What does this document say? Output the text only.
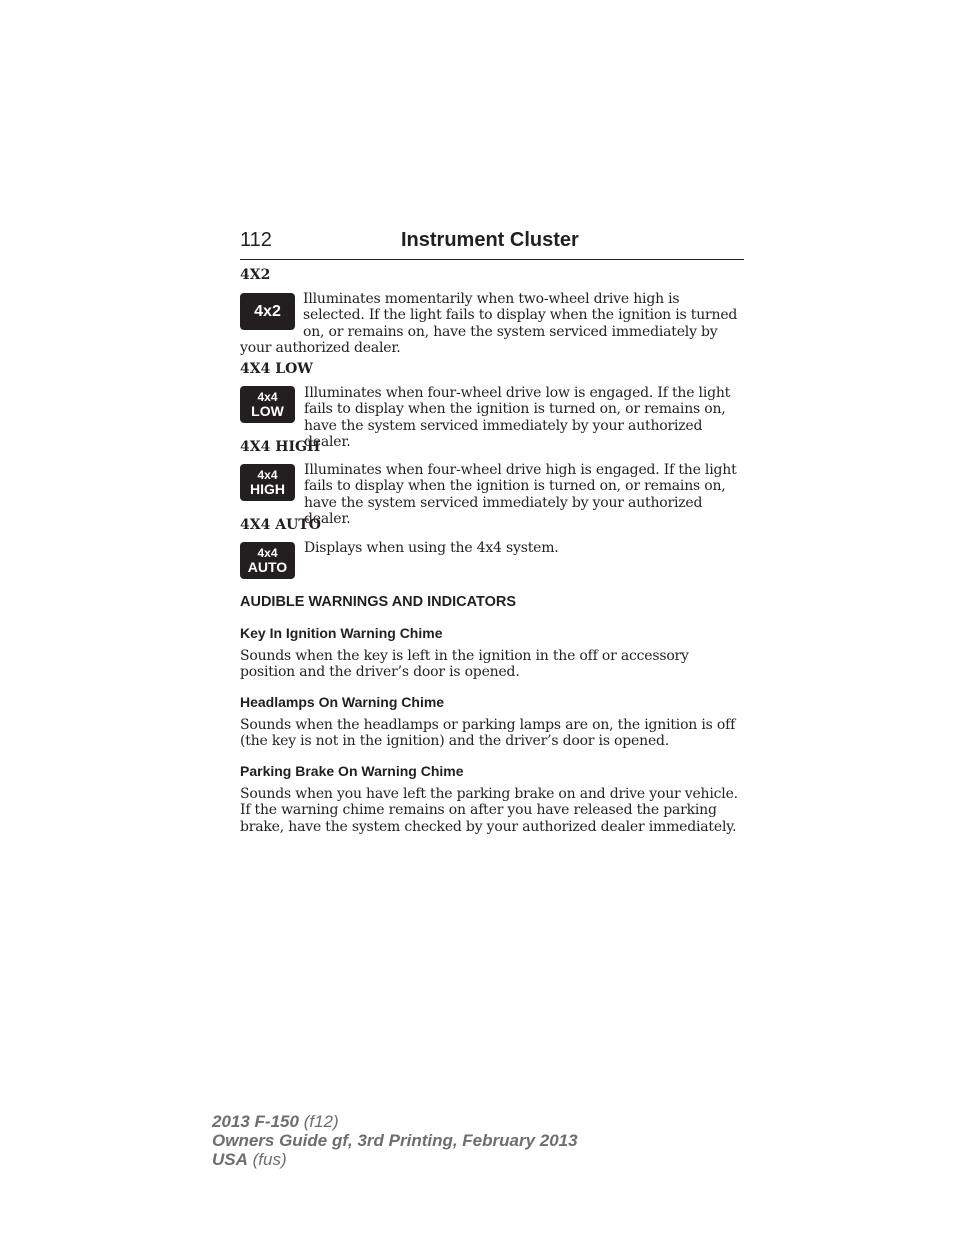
112	Instrument Cluster
4X2
4x2

Illuminates momentarily when two-wheel drive high is selected. If the light fails to display when the ignition is turned on, or remains on, have the system serviced immediately by your authorized dealer.

4X4 LOW
4x4
LOW

Illuminates when four-wheel drive low is engaged. If the light fails to display when the ignition is turned on, or remains on, have the system serviced immediately by your authorized dealer.

4X4 HIGH
4x4
HIGH

Illuminates when four-wheel drive high is engaged. If the light fails to display when the ignition is turned on, or remains on, have the system serviced immediately by your authorized dealer.

4X4 AUTO
4x4
AUTO

Displays when using the 4x4 system.

AUDIBLE WARNINGS AND INDICATORS
Key In Ignition Warning Chime

Sounds when the key is left in the ignition in the off or accessory position and the driver’s door is opened.

Headlamps On Warning Chime

Sounds when the headlamps or parking lamps are on, the ignition is off (the key is not in the ignition) and the driver’s door is opened.

Parking Brake On Warning Chime

Sounds when you have left the parking brake on and drive your vehicle. If the warning chime remains on after you have released the parking brake, have the system checked by your authorized dealer immediately.

2013 F-150 (f12)
Owners Guide gf, 3rd Printing, February 2013
USA (fus)
